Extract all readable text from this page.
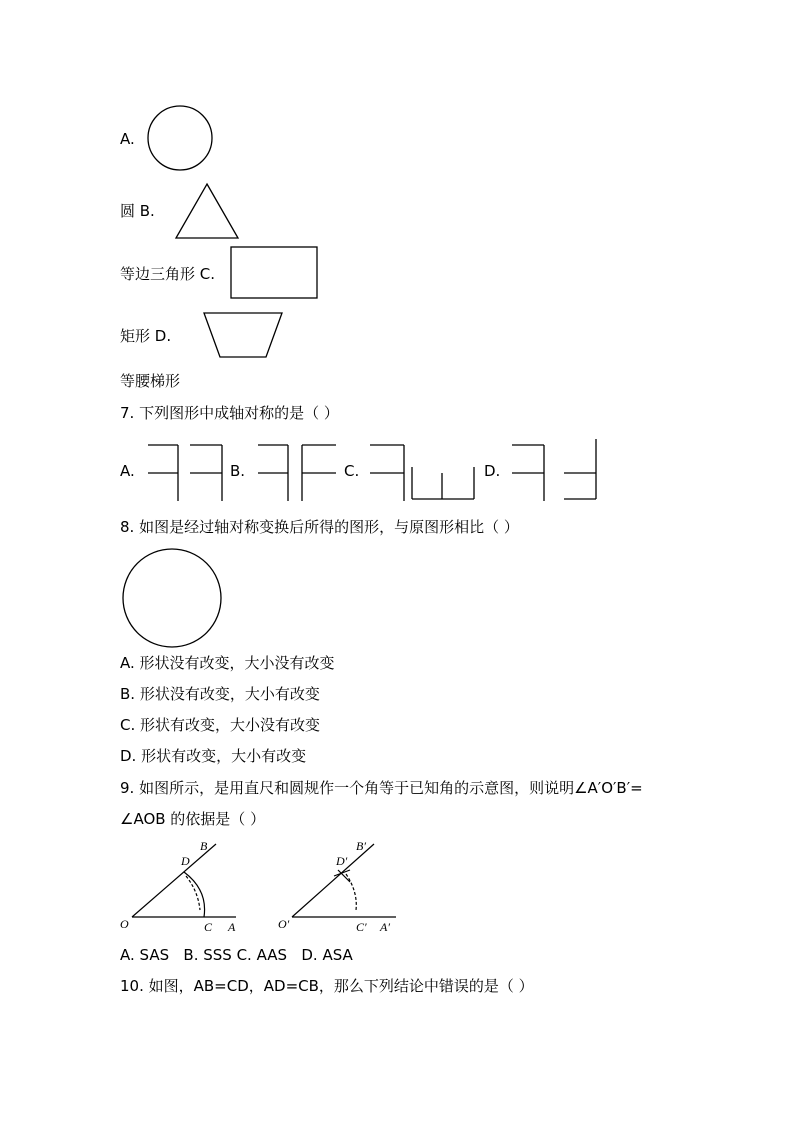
A.
圆 B.
等边三角形 C.
矩形 D.
等腰梯形
7. 下列图形中成轴对称的是（ ）
A.	B.	C.	D.
8. 如图是经过轴对称变换后所得的图形，与原图形相比（ ）
A. 形状没有改变，大小没有改变
B. 形状没有改变，大小有改变
C. 形状有改变，大小没有改变
D. 形状有改变，大小有改变
9. 如图所示，是用直尺和圆规作一个角等于已知角的示意图，则说明∠A′O′B′=
∠AOB 的依据是（ ）
O	C A
D
B
O′	C′ A′
D′
B′
A. SAS   B. SSS C. AAS   D. ASA
10. 如图，AB=CD，AD=CB，那么下列结论中错误的是（ ）
